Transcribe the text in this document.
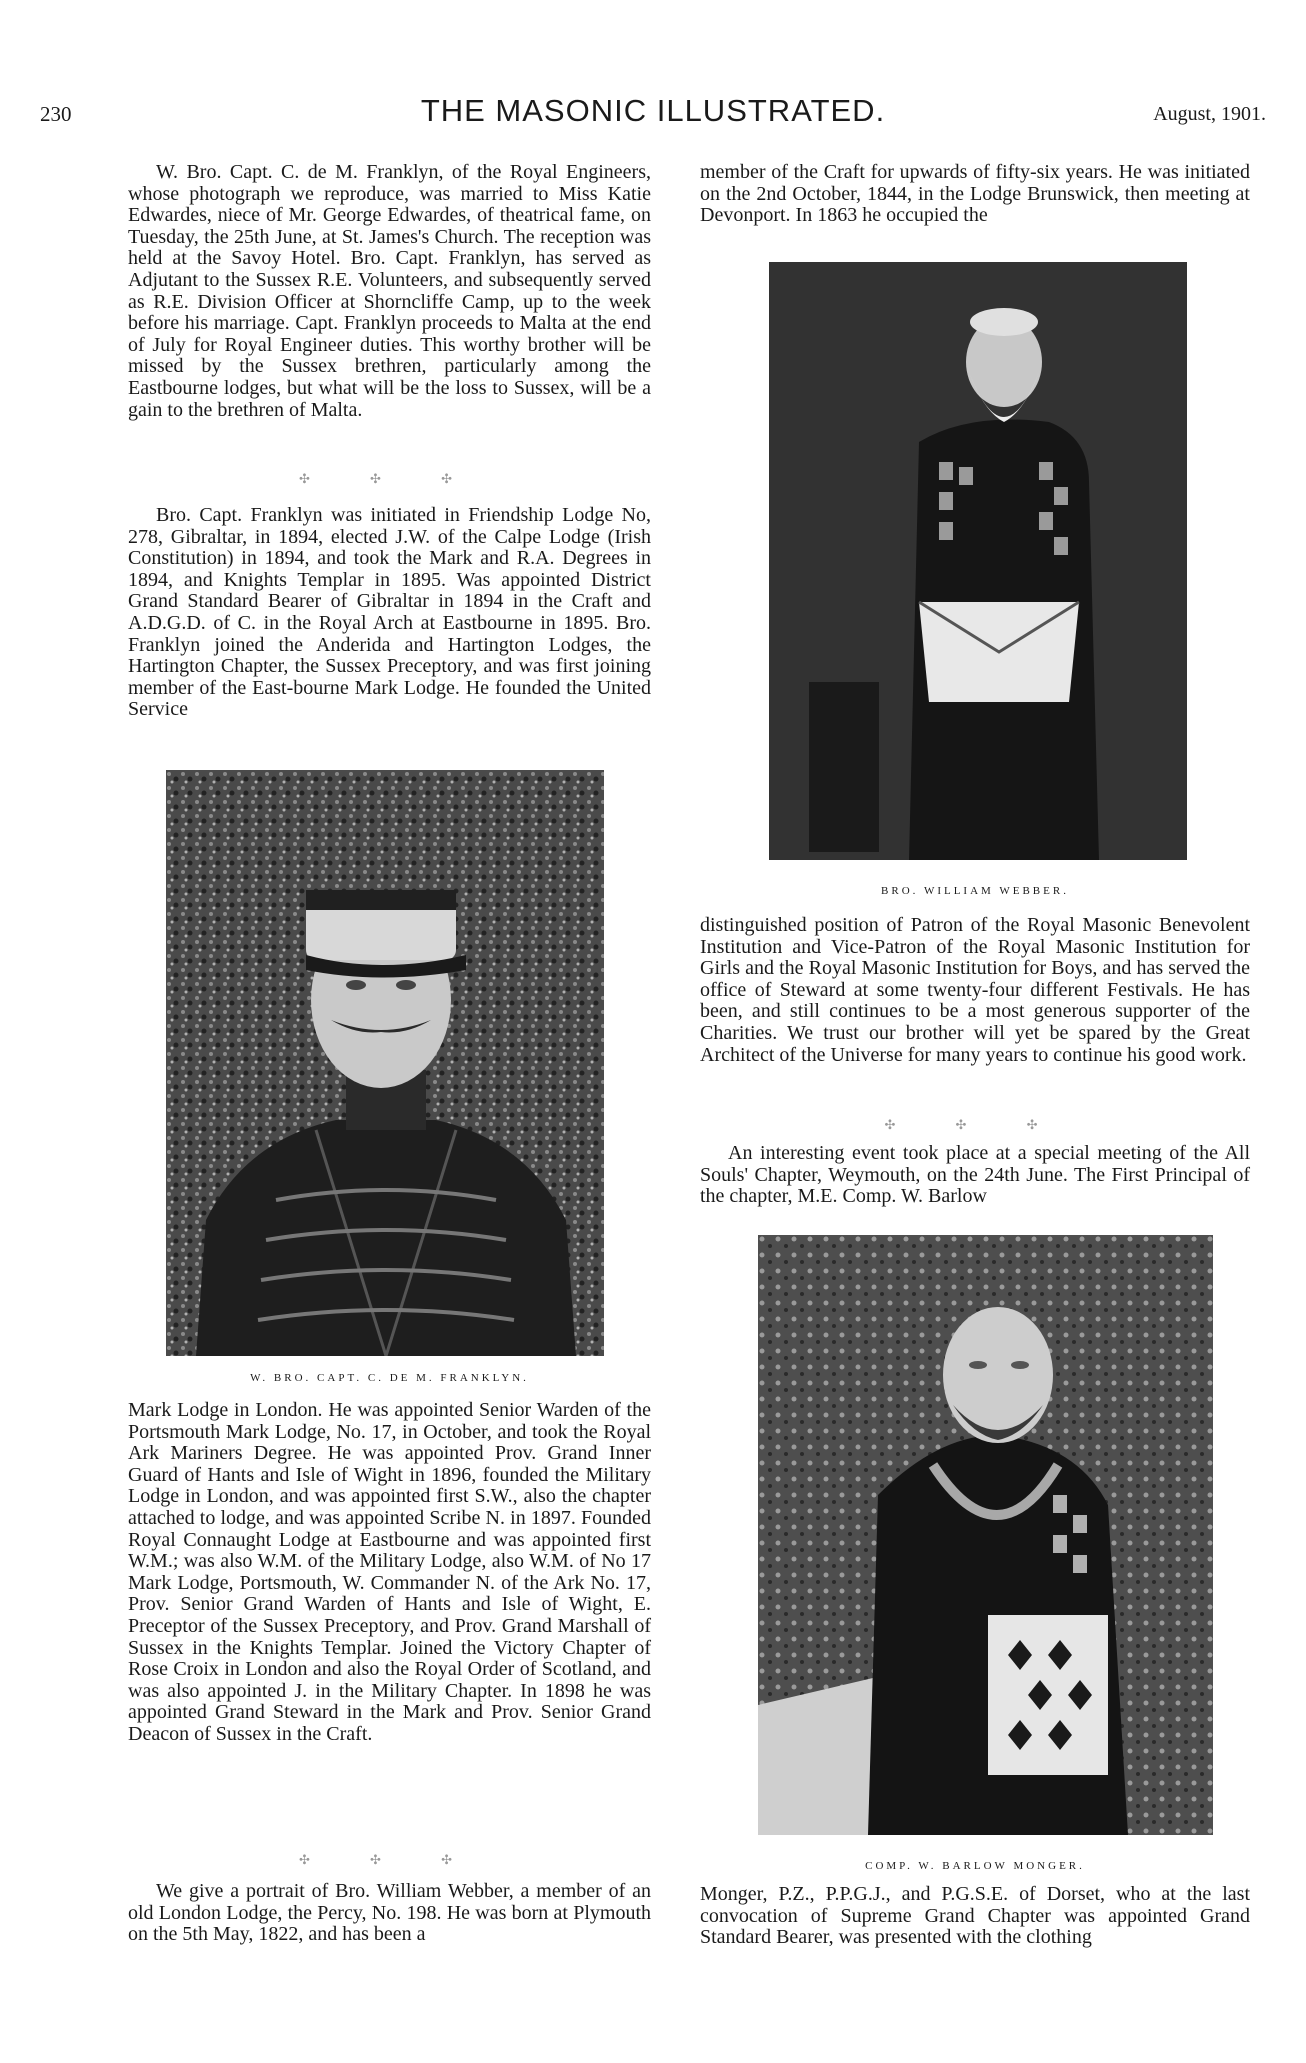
230	THE MASONIC ILLUSTRATED.	August, 1901.

W. Bro. Capt. C. de M. Franklyn, of the Royal Engineers, whose photograph we reproduce, was married to Miss Katie Edwardes, niece of Mr. George Edwardes, of theatrical fame, on Tuesday, the 25th June, at St. James's Church. The reception was held at the Savoy Hotel. Bro. Capt. Franklyn, has served as Adjutant to the Sussex R.E. Volunteers, and subsequently served as R.E. Division Officer at Shorncliffe Camp, up to the week before his marriage. Capt. Franklyn proceeds to Malta at the end of July for Royal Engineer duties. This worthy brother will be missed by the Sussex brethren, particularly among the Eastbourne lodges, but what will be the loss to Sussex, will be a gain to the brethren of Malta.

✣ ✣ ✣

Bro. Capt. Franklyn was initiated in Friendship Lodge No, 278, Gibraltar, in 1894, elected J.W. of the Calpe Lodge (Irish Constitution) in 1894, and took the Mark and R.A. Degrees in 1894, and Knights Templar in 1895. Was appointed District Grand Standard Bearer of Gibraltar in 1894 in the Craft and A.D.G.D. of C. in the Royal Arch at Eastbourne in 1895. Bro. Franklyn joined the Anderida and Hartington Lodges, the Hartington Chapter, the Sussex Preceptory, and was first joining member of the East-bourne Mark Lodge. He founded the United Service

W. BRO. CAPT. C. DE M. FRANKLYN.

Mark Lodge in London. He was appointed Senior Warden of the Portsmouth Mark Lodge, No. 17, in October, and took the Royal Ark Mariners Degree. He was appointed Prov. Grand Inner Guard of Hants and Isle of Wight in 1896, founded the Military Lodge in London, and was appointed first S.W., also the chapter attached to lodge, and was appointed Scribe N. in 1897. Founded Royal Connaught Lodge at Eastbourne and was appointed first W.M.; was also W.M. of the Military Lodge, also W.M. of No 17 Mark Lodge, Portsmouth, W. Commander N. of the Ark No. 17, Prov. Senior Grand Warden of Hants and Isle of Wight, E. Preceptor of the Sussex Preceptory, and Prov. Grand Marshall of Sussex in the Knights Templar. Joined the Victory Chapter of Rose Croix in London and also the Royal Order of Scotland, and was also appointed J. in the Military Chapter. In 1898 he was appointed Grand Steward in the Mark and Prov. Senior Grand Deacon of Sussex in the Craft.

✣ ✣ ✣

We give a portrait of Bro. William Webber, a member of an old London Lodge, the Percy, No. 198. He was born at Plymouth on the 5th May, 1822, and has been a

member of the Craft for upwards of fifty-six years. He was initiated on the 2nd October, 1844, in the Lodge Brunswick, then meeting at Devonport. In 1863 he occupied the

BRO. WILLIAM WEBBER.

distinguished position of Patron of the Royal Masonic Benevolent Institution and Vice-Patron of the Royal Masonic Institution for Girls and the Royal Masonic Institution for Boys, and has served the office of Steward at some twenty-four different Festivals. He has been, and still continues to be a most generous supporter of the Charities. We trust our brother will yet be spared by the Great Architect of the Universe for many years to continue his good work.

✣ ✣ ✣

An interesting event took place at a special meeting of the All Souls' Chapter, Weymouth, on the 24th June. The First Principal of the chapter, M.E. Comp. W. Barlow

COMP. W. BARLOW MONGER.

Monger, P.Z., P.P.G.J., and P.G.S.E. of Dorset, who at the last convocation of Supreme Grand Chapter was appointed Grand Standard Bearer, was presented with the clothing
